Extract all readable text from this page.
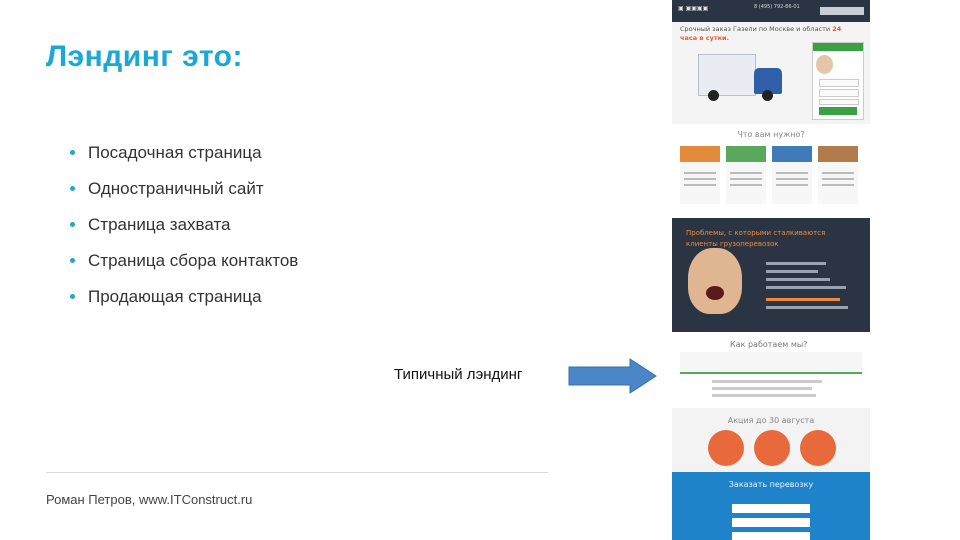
Лэндинг это:
Посадочная страница
Одностраничный сайт
Страница захвата
Страница сбора контактов
Продающая страница
Типичный лэндинг
Роман Петров, www.ITConstruct.ru
▣ ▣▣▣▣	8 (495) 792-86-01
Срочный заказ Газели по Москве и области 24 часа в сутки.
Что вам нужно?
Проблемы, с которыми сталкиваются клиенты грузоперевозок
Как работаем мы?
Акция до 30 августа
Заказать перевозку
